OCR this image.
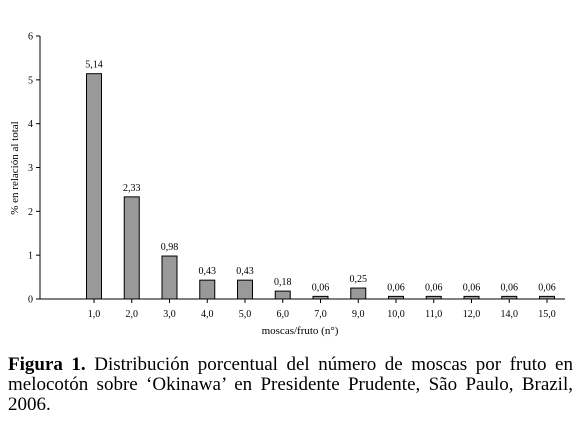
0
1
2
3
4
5
6
5,14
2,33
0,98
0,43 0,43
0,18 0,06
0,25
0,06 0,06 0,06 0,06 0,06
1,0	2,0	3,0	4,0	5,0	6,0	7,0	9,0 10,0 11,0 12,0 14,0 15,0
% en relación al total
moscas/fruto (n°)
Figura 1. Distribución porcentual del número de moscas por fruto en melocotón sobre ‘Okinawa’ en Presidente Prudente, São Paulo, Brazil, 2006.
